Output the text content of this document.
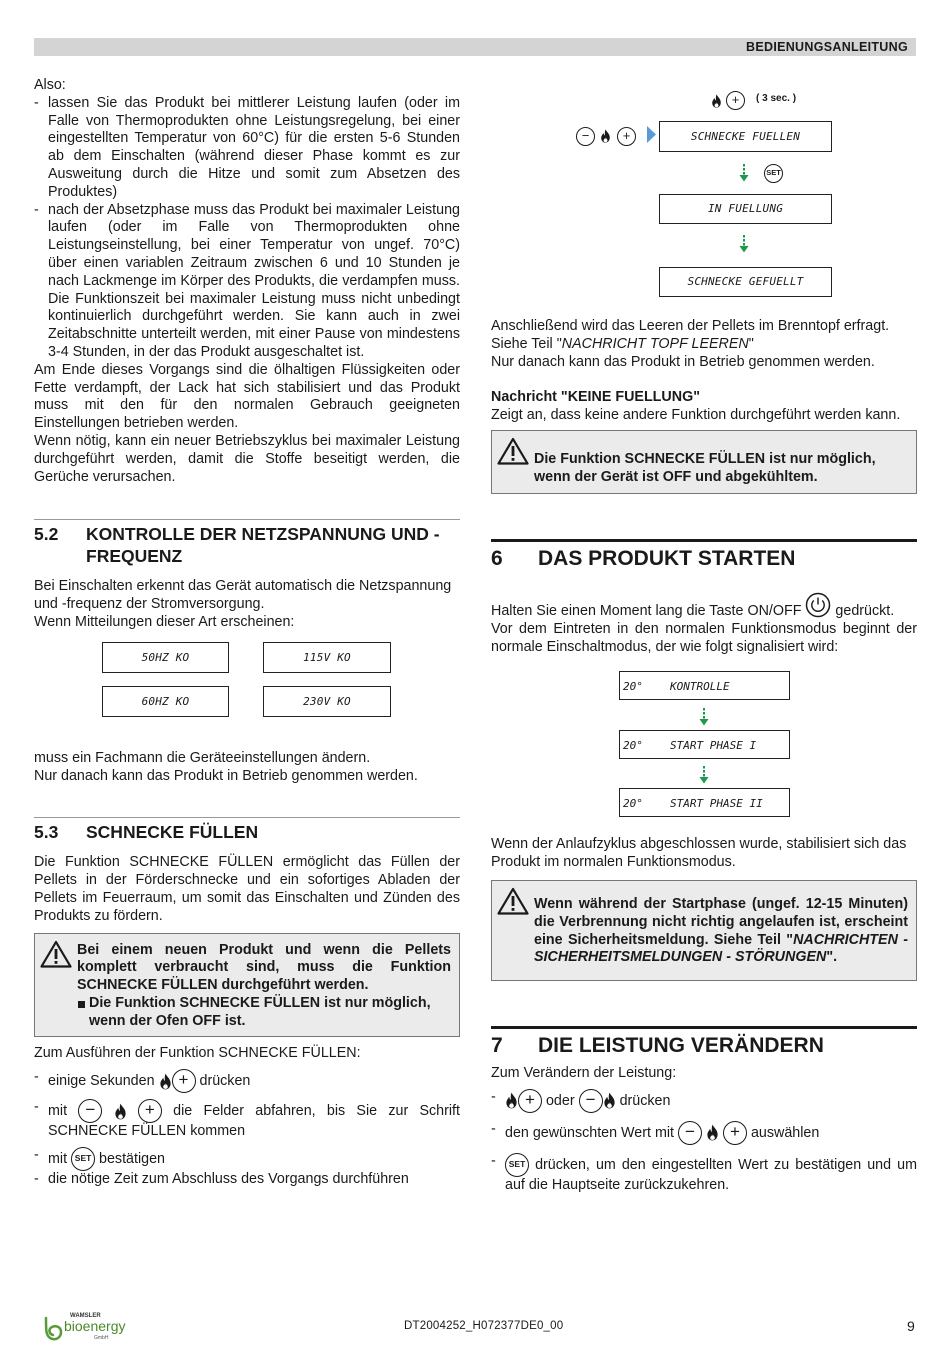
BEDIENUNGSANLEITUNG

Also:

- lassen Sie das Produkt bei mittlerer Leistung laufen (oder im Falle von Thermoprodukten ohne Leistungsregelung, bei einer eingestellten Temperatur von 60°C) für die ersten 5-6 Stunden ab dem Einschalten (während dieser Phase kommt es zur Ausweitung durch die Hitze und somit zum Absetzen des Produktes)

- nach der Absetzphase muss das Produkt bei maximaler Leistung laufen (oder im Falle von Thermoprodukten ohne Leistungseinstellung, bei einer Temperatur von ungef. 70°C) über einen variablen Zeitraum zwischen 6 und 10 Stunden je nach Lackmenge im Körper des Produkts, die verdampfen muss. Die Funktionszeit bei maximaler Leistung muss nicht unbedingt kontinuierlich durchgeführt werden. Sie kann auch in zwei Zeitabschnitte unterteilt werden, mit einer Pause von mindestens 3-4 Stunden, in der das Produkt ausgeschaltet ist.

Am Ende dieses Vorgangs sind die ölhaltigen Flüssigkeiten oder Fette verdampft, der Lack hat sich stabilisiert und das Produkt muss mit den für den normalen Gebrauch geeigneten Einstellungen betrieben werden.

Wenn nötig, kann ein neuer Betriebszyklus bei maximaler Leistung durchgeführt werden, damit die Stoffe beseitigt werden, die Gerüche verursachen.

5.2	KONTROLLE DER NETZSPANNUNG UND -FREQUENZ

Bei Einschalten erkennt das Gerät automatisch die Netzspannung und -frequenz der Stromversorgung.

Wenn Mitteilungen dieser Art erscheinen:

50HZ KO	115V KO
60HZ KO	230V KO

muss ein Fachmann die Geräteeinstellungen ändern.

Nur danach kann das Produkt in Betrieb genommen werden.

5.3	SCHNECKE FÜLLEN

Die Funktion SCHNECKE FÜLLEN ermöglicht das Füllen der Pellets in der Förderschnecke und ein sofortiges Abladen der Pellets im Feuerraum, um somit das Einschalten und Zünden des Produkts zu fördern.

Bei einem neuen Produkt und wenn die Pellets komplett verbraucht sind, muss die Funktion SCHNECKE FÜLLEN durchgeführt werden.

Die Funktion SCHNECKE FÜLLEN ist nur möglich, wenn der Ofen OFF ist.

Zum Ausführen der Funktion SCHNECKE FÜLLEN:

- einige Sekunden + drücken
- mit −	+ die Felder abfahren, bis Sie zur Schrift SCHNECKE FÜLLEN kommen
- mit SET bestätigen

- die nötige Zeit zum Abschluss des Vorgangs durchführen

+	( 3 sec. )
−	+	SCHNECKE FUELLEN
SET
IN FUELLUNG
SCHNECKE GEFUELLT

Anschließend wird das Leeren der Pellets im Brenntopf erfragt.

Siehe Teil "NACHRICHT TOPF LEEREN"

Nur danach kann das Produkt in Betrieb genommen werden.

Nachricht "KEINE FUELLUNG"

Zeigt an, dass keine andere Funktion durchgeführt werden kann.

Die Funktion SCHNECKE FÜLLEN ist nur möglich, wenn der Gerät ist OFF und abgekühltem.

6	DAS PRODUKT STARTEN

Halten Sie einen Moment lang die Taste ON/OFF gedrückt.

Vor dem Eintreten in den normalen Funktionsmodus beginnt der normale Einschaltmodus, der wie folgt signalisiert wird:

20° KONTROLLE
20° START PHASE I
20° START PHASE II

Wenn der Anlaufzyklus abgeschlossen wurde, stabilisiert sich das Produkt im normalen Funktionsmodus.

Wenn während der Startphase (ungef. 12-15 Minuten) die Verbrennung nicht richtig angelaufen ist, erscheint eine Sicherheitsmeldung. Siehe Teil "NACHRICHTEN - SICHERHEITSMELDUNGEN - STÖRUNGEN".

7	DIE LEISTUNG VERÄNDERN

Zum Verändern der Leistung:

- + oder − drücken
- den gewünschten Wert mit − + auswählen
- SET drücken, um den eingestellten Wert zu bestätigen und um auf die Hauptseite zurückzukehren.
WAMSLER
bioenergy
GmbH
DT2004252_H072377DE0_00	9
